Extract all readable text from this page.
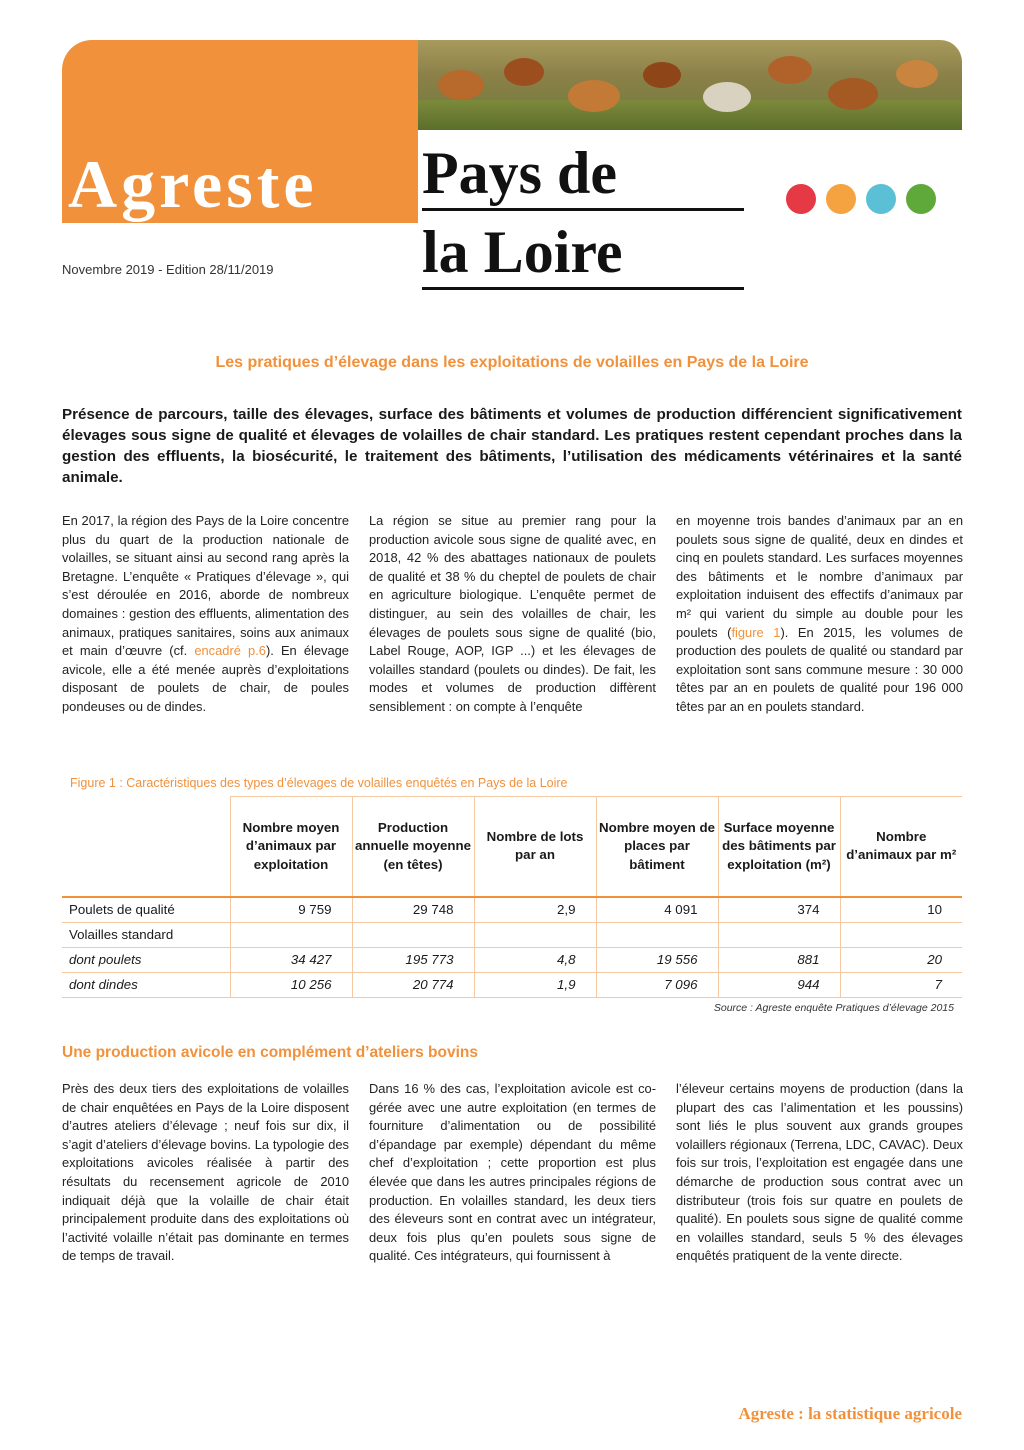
Agreste	Pays de
la Loire
Novembre 2019 - Edition 28/11/2019
Les pratiques d’élevage dans les exploitations de volailles en Pays de la Loire
Présence de parcours, taille des élevages, surface des bâtiments et volumes de production différencient significativement élevages sous signe de qualité et élevages de volailles de chair standard. Les pratiques restent cependant proches dans la gestion des effluents, la biosécurité, le traitement des bâtiments, l’utilisation des médicaments vétérinaires et la santé animale.
En 2017, la région des Pays de la Loire concentre plus du quart de la production nationale de volailles, se situant ainsi au second rang après la Bretagne. L’enquête « Pratiques d’élevage », qui s’est déroulée en 2016, aborde de nombreux domaines : gestion des effluents, alimentation des animaux, pratiques sanitaires, soins aux animaux et main d’œuvre (cf. encadré p.6). En élevage avicole, elle a été menée auprès d’exploitations disposant de poulets de chair, de poules pondeuses ou de dindes.
La région se situe au premier rang pour la production avicole sous signe de qualité avec, en 2018, 42 % des abattages nationaux de poulets de qualité et 38 % du cheptel de poulets de chair en agriculture biologique. L’enquête permet de distinguer, au sein des volailles de chair, les élevages de poulets sous signe de qualité (bio, Label Rouge, AOP, IGP ...) et les élevages de volailles standard (poulets ou dindes). De fait, les modes et volumes de production diffèrent sensiblement : on compte à l’enquête
en moyenne trois bandes d’animaux par an en poulets sous signe de qualité, deux en dindes et cinq en poulets standard. Les surfaces moyennes des bâtiments et le nombre d’animaux par exploitation induisent des effectifs d’animaux par m² qui varient du simple au double pour les poulets (figure 1). En 2015, les volumes de production des poulets de qualité ou standard par exploitation sont sans commune mesure : 30 000 têtes par an en poulets de qualité pour 196 000 têtes par an en poulets standard.
Figure 1 : Caractéristiques des types d’élevages de volailles enquêtés en Pays de la Loire
	Nombre moyen d’animaux par exploitation	Production annuelle moyenne (en têtes)	Nombre de lots par an	Nombre moyen de places par bâtiment	Surface moyenne des bâtiments par exploitation (m²)	Nombre d’animaux par m²
Poulets de qualité	9 759	29 748	2,9	4 091	374	10
Volailles standard						
dont poulets	34 427	195 773	4,8	19 556	881	20
dont dindes	10 256	20 774	1,9	7 096	944	7
Source : Agreste enquête Pratiques d’élevage 2015
Une production avicole en complément d’ateliers bovins
Près des deux tiers des exploitations de volailles de chair enquêtées en Pays de la Loire disposent d’autres ateliers d’élevage ; neuf fois sur dix, il s’agit d’ateliers d’élevage bovins. La typologie des exploitations avicoles réalisée à partir des résultats du recensement agricole de 2010 indiquait déjà que la volaille de chair était principalement produite dans des exploitations où l’activité volaille n’était pas dominante en termes de temps de travail.
Dans 16 % des cas, l’exploitation avicole est co-gérée avec une autre exploitation (en termes de fourniture d’alimentation ou de possibilité d’épandage par exemple) dépendant du même chef d’exploitation ; cette proportion est plus élevée que dans les autres principales régions de production. En volailles standard, les deux tiers des éleveurs sont en contrat avec un intégrateur, deux fois plus qu’en poulets sous signe de qualité. Ces intégrateurs, qui fournissent à
l’éleveur certains moyens de production (dans la plupart des cas l’alimentation et les poussins) sont liés le plus souvent aux grands groupes volaillers régionaux (Terrena, LDC, CAVAC). Deux fois sur trois, l’exploitation est engagée dans une démarche de production sous contrat avec un distributeur (trois fois sur quatre en poulets de qualité). En poulets sous signe de qualité comme en volailles standard, seuls 5 % des élevages enquêtés pratiquent de la vente directe.
Agreste : la statistique agricole
